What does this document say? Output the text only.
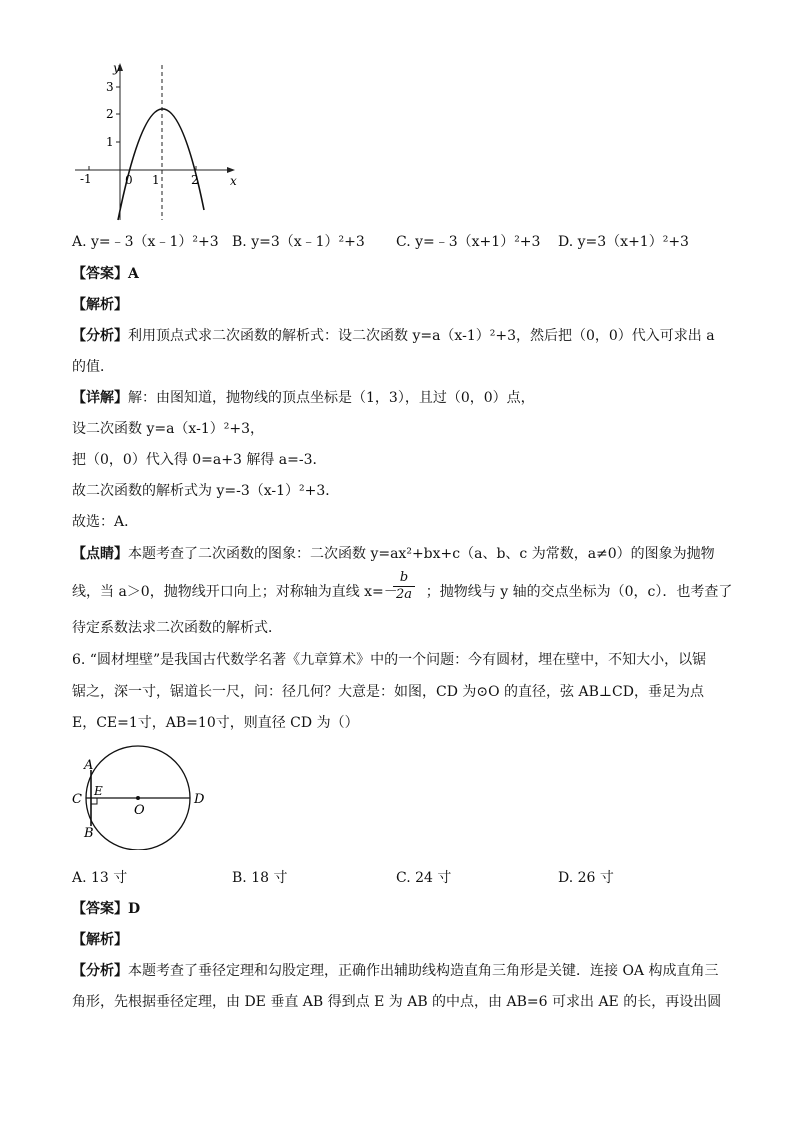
y
x
3
2
1
-1	0 1	2
A. y=﹣3（x﹣1）²+3 B. y=3（x﹣1）²+3 C. y=﹣3（x+1）²+3 D. y=3（x+1）²+3
【答案】A
【解析】
【分析】利用顶点式求二次函数的解析式：设二次函数 y=a（x-1）²+3，然后把（0，0）代入可求出 a
的值．
【详解】解：由图知道，抛物线的顶点坐标是（1，3），且过（0，0）点，
设二次函数 y=a（x-1）²+3，
把（0，0）代入得 0=a+3 解得 a=-3．
故二次函数的解析式为 y=-3（x-1）²+3．
故选：A．
【点睛】本题考查了二次函数的图象：二次函数 y=ax²+bx+c（a、b、c 为常数，a≠0）的图象为抛物
线，当 a＞0，抛物线开口向上；对称轴为直线 x=－ ；抛物线与 y 轴的交点坐标为（0，c）．也考查了
$\frac{b}{2a}$
待定系数法求二次函数的解析式．
6. “圆材埋壁”是我国古代数学名著《九章算术》中的一个问题：今有圆材，埋在壁中，不知大小，以锯
锯之，深一寸，锯道长一尺，问：径几何？大意是：如图，CD 为⊙O 的直径，弦 AB⊥CD，垂足为点
E，CE=1寸，AB=10寸，则直径 CD 为（）
A
B
C	D
E
O
A. 13 寸	B. 18 寸	C. 24 寸	D. 26 寸
【答案】D
【解析】
【分析】本题考查了垂径定理和勾股定理，正确作出辅助线构造直角三角形是关键．连接 OA 构成直角三
角形，先根据垂径定理，由 DE 垂直 AB 得到点 E 为 AB 的中点，由 AB=6 可求出 AE 的长，再设出圆
